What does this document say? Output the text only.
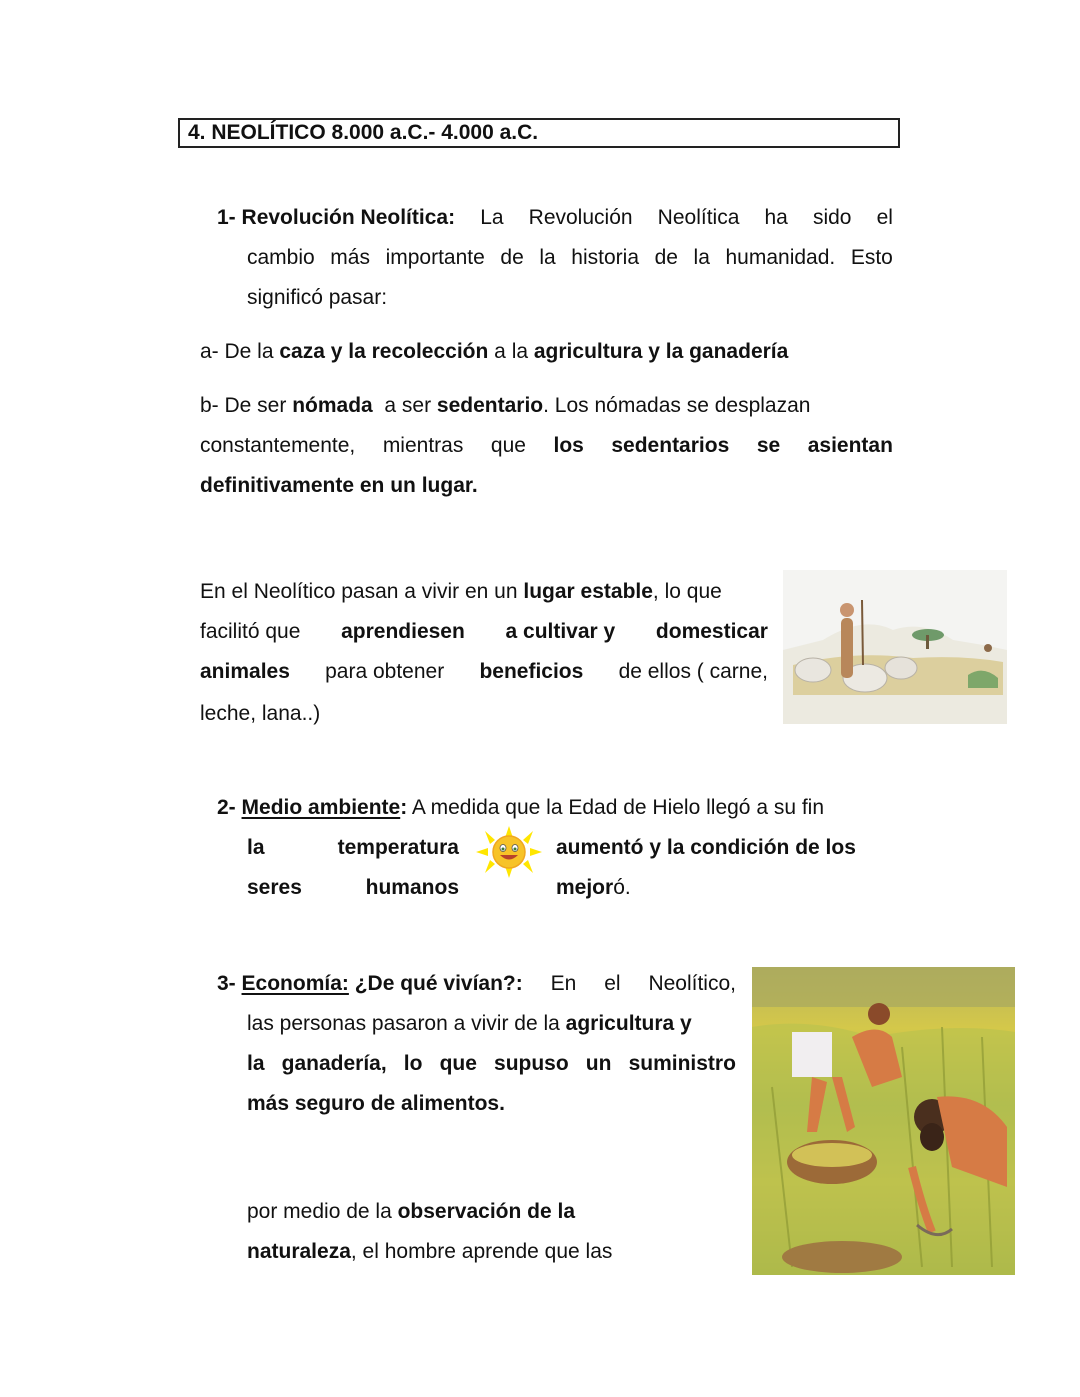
4. NEOLÍTICO 8.000 a.C.- 4.000 a.C.
1- Revolución Neolítica: La Revolución Neolítica ha sido el
cambio más importante de la historia de la humanidad. Esto
significó pasar:
a- De la caza y la recolección a la agricultura y la ganadería
b- De ser nómada  a ser sedentario. Los nómadas se desplazan
constantemente, mientras que los sedentarios se asientan
definitivamente en un lugar.
En el Neolítico pasan a vivir en un lugar estable, lo que
facilitó que aprendiesen a cultivar y domesticar
animales para obtener beneficios de ellos ( carne,
leche, lana..)
2- Medio ambiente: A medida que la Edad de Hielo llegó a su fin
la	temperatura	aumentó y la condición de los
seres	humanos	mejoró.
3- Economía: ¿De qué vivían?: En el Neolítico,
las personas pasaron a vivir de la agricultura y
la ganadería, lo que supuso un suministro
más seguro de alimentos.
por medio de la observación de la
naturaleza, el hombre aprende que las
